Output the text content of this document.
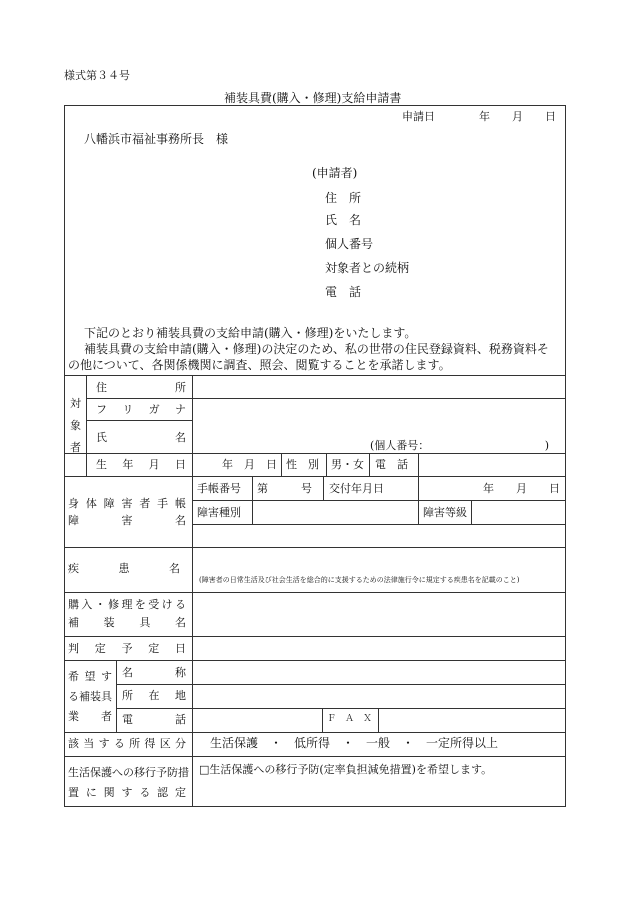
様式第３４号
補装具費(購入・修理)支給申請書
申請日　　　　年　　月　　日
八幡浜市福祉事務所長　様
(申請者)
住　所
氏　名
個人番号
対象者との続柄
電　話
下記のとおり補装具費の支給申請(購入・修理)をいたします。
補装具費の支給申請(購入・修理)の決定のため、私の世帯の住民登録資料、税務資料そ
の他について、各関係機関に調査、照会、閲覧することを承諾します。
対象者
住　　　　所
フ リ ガ ナ
氏　　　　名
(個人番号：　　　　　　　　　　　)
生　年　月　日	年　月　日 性　別 男・女 電　話
身 体 障 害 者 手 帳
障　　害　　名
手帳番号 第　　　号 交付年月日	年　　月　　日
障害種別	障害等級
疾　　患　　名
(障害者の日常生活及び社会生活を総合的に支援するための法律施行令に規定する疾患名を記載のこと)
購入・修理を受ける
補　　装　　具　　名
判　定　予　定　日
希 望 す
る補装具
業　者
名　　称
所　在　地
電　　話	Ｆ　Ａ　Ｘ
該当する所得区分 生活保護　・　低所得　・　一般　・　一定所得以上
生活保護への移行予防措
置 に 関 す る 認 定
□生活保護への移行予防(定率負担減免措置)を希望します。
